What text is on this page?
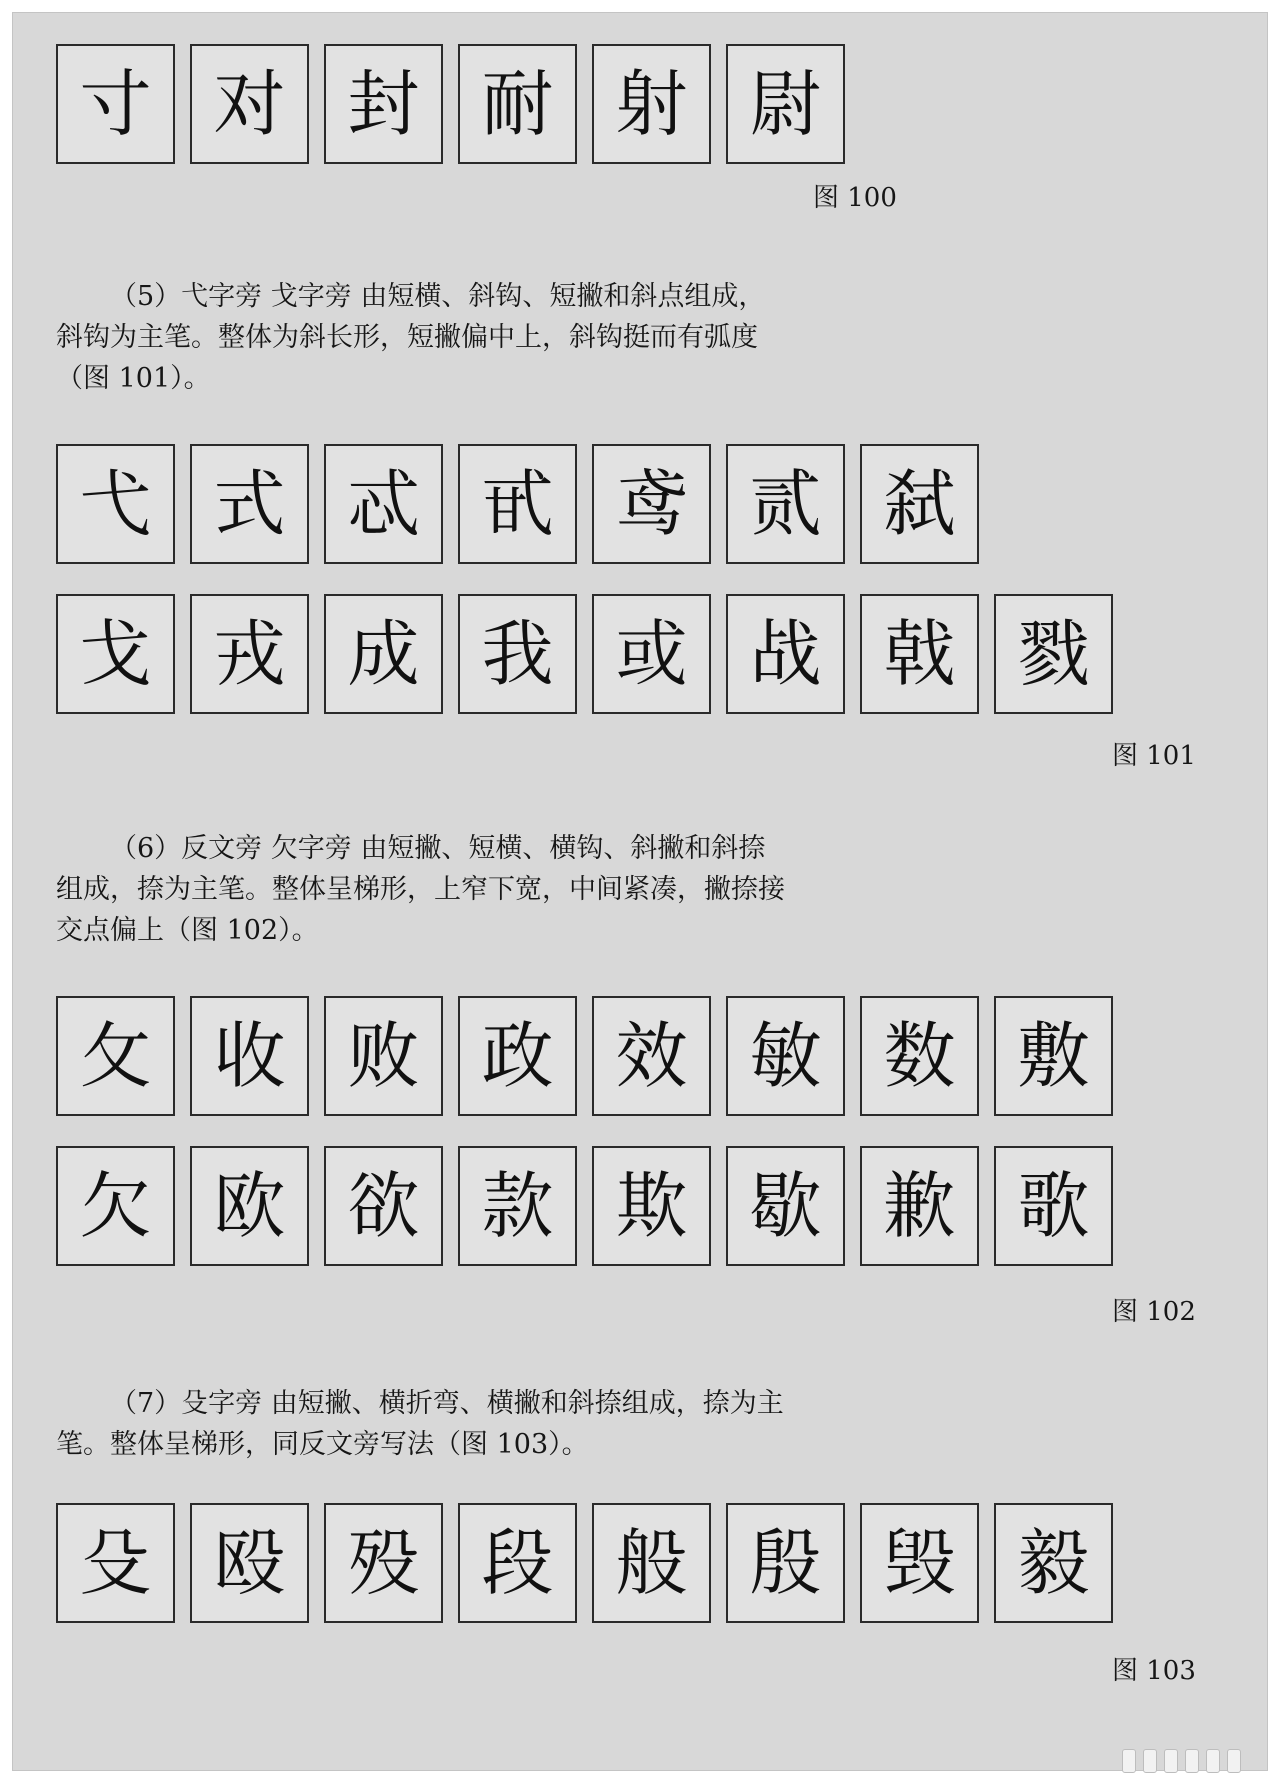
寸 对 封 耐 射 尉
图 100

（5）弋字旁 戈字旁 由短横、斜钩、短撇和斜点组成，斜钩为主笔。整体为斜长形，短撇偏中上，斜钩挺而有弧度（图 101）。

弋 式 忒 甙 鸢 贰 弑
戈 戎 成 我 或 战 戟 戮
图 101

（6）反文旁 欠字旁 由短撇、短横、横钩、斜撇和斜捺组成，捺为主笔。整体呈梯形，上窄下宽，中间紧凑，撇捺接交点偏上（图 102）。

攵 收 败 政 效 敏 数 敷
欠 欧 欲 款 欺 歇 歉 歌
图 102

（7）殳字旁 由短撇、横折弯、横撇和斜捺组成，捺为主笔。整体呈梯形，同反文旁写法（图 103）。

殳 殴 殁 段 般 殷 毁 毅
图 103
